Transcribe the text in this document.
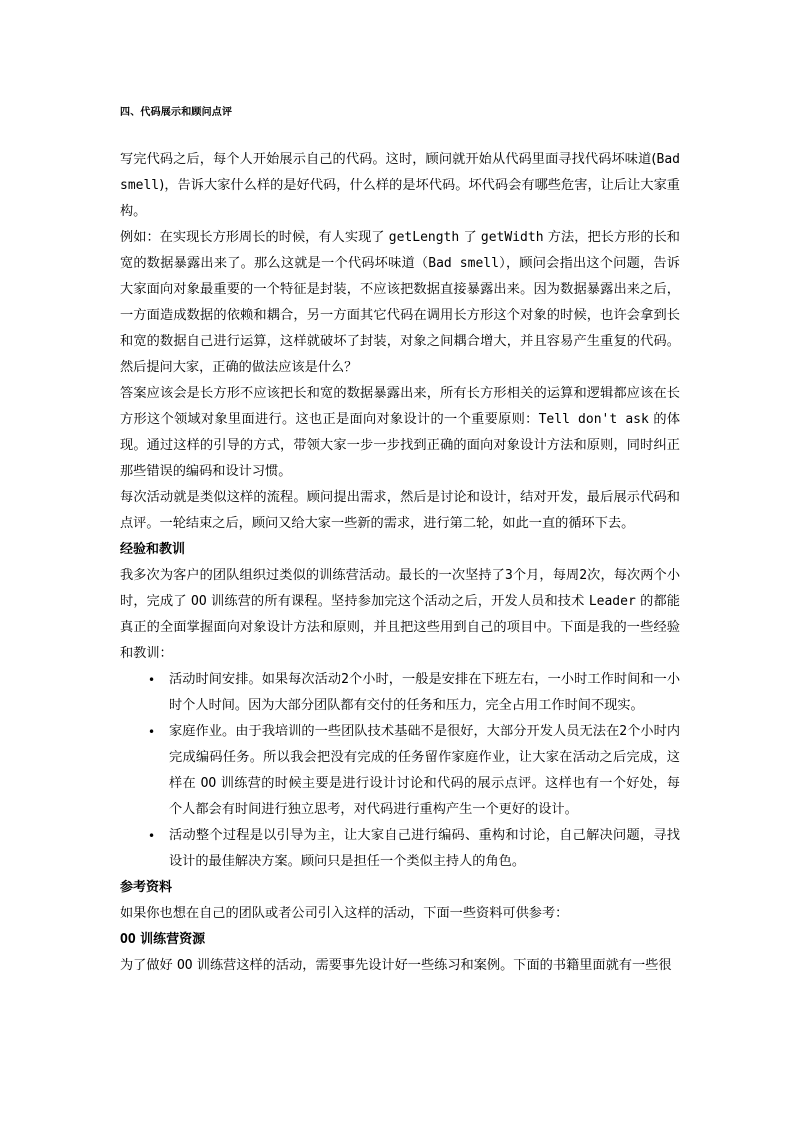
四、代码展示和顾问点评

写完代码之后，每个人开始展示自己的代码。这时，顾问就开始从代码里面寻找代码坏味道(Bad smell)，告诉大家什么样的是好代码，什么样的是坏代码。坏代码会有哪些危害，让后让大家重构。

例如：在实现长方形周长的时候，有人实现了 getLength 了 getWidth 方法，把长方形的长和宽的数据暴露出来了。那么这就是一个代码坏味道（Bad smell），顾问会指出这个问题，告诉大家面向对象最重要的一个特征是封装，不应该把数据直接暴露出来。因为数据暴露出来之后，一方面造成数据的依赖和耦合，另一方面其它代码在调用长方形这个对象的时候，也许会拿到长和宽的数据自己进行运算，这样就破坏了封装，对象之间耦合增大，并且容易产生重复的代码。然后提问大家，正确的做法应该是什么？

答案应该会是长方形不应该把长和宽的数据暴露出来，所有长方形相关的运算和逻辑都应该在长方形这个领域对象里面进行。这也正是面向对象设计的一个重要原则：Tell don't ask 的体现。通过这样的引导的方式，带领大家一步一步找到正确的面向对象设计方法和原则，同时纠正那些错误的编码和设计习惯。

每次活动就是类似这样的流程。顾问提出需求，然后是讨论和设计，结对开发，最后展示代码和点评。一轮结束之后，顾问又给大家一些新的需求，进行第二轮，如此一直的循环下去。

经验和教训

我多次为客户的团队组织过类似的训练营活动。最长的一次坚持了3个月，每周2次，每次两个小时，完成了 OO 训练营的所有课程。坚持参加完这个活动之后，开发人员和技术 Leader 的都能真正的全面掌握面向对象设计方法和原则，并且把这些用到自己的项目中。下面是我的一些经验和教训：

• 活动时间安排。如果每次活动2个小时，一般是安排在下班左右，一小时工作时间和一小时个人时间。因为大部分团队都有交付的任务和压力，完全占用工作时间不现实。

• 家庭作业。由于我培训的一些团队技术基础不是很好，大部分开发人员无法在2个小时内完成编码任务。所以我会把没有完成的任务留作家庭作业，让大家在活动之后完成，这样在 OO 训练营的时候主要是进行设计讨论和代码的展示点评。这样也有一个好处，每个人都会有时间进行独立思考，对代码进行重构产生一个更好的设计。

• 活动整个过程是以引导为主，让大家自己进行编码、重构和讨论，自己解决问题，寻找设计的最佳解决方案。顾问只是担任一个类似主持人的角色。

参考资料

如果你也想在自己的团队或者公司引入这样的活动，下面一些资料可供参考：

OO 训练营资源

为了做好 OO 训练营这样的活动，需要事先设计好一些练习和案例。下面的书籍里面就有一些很
